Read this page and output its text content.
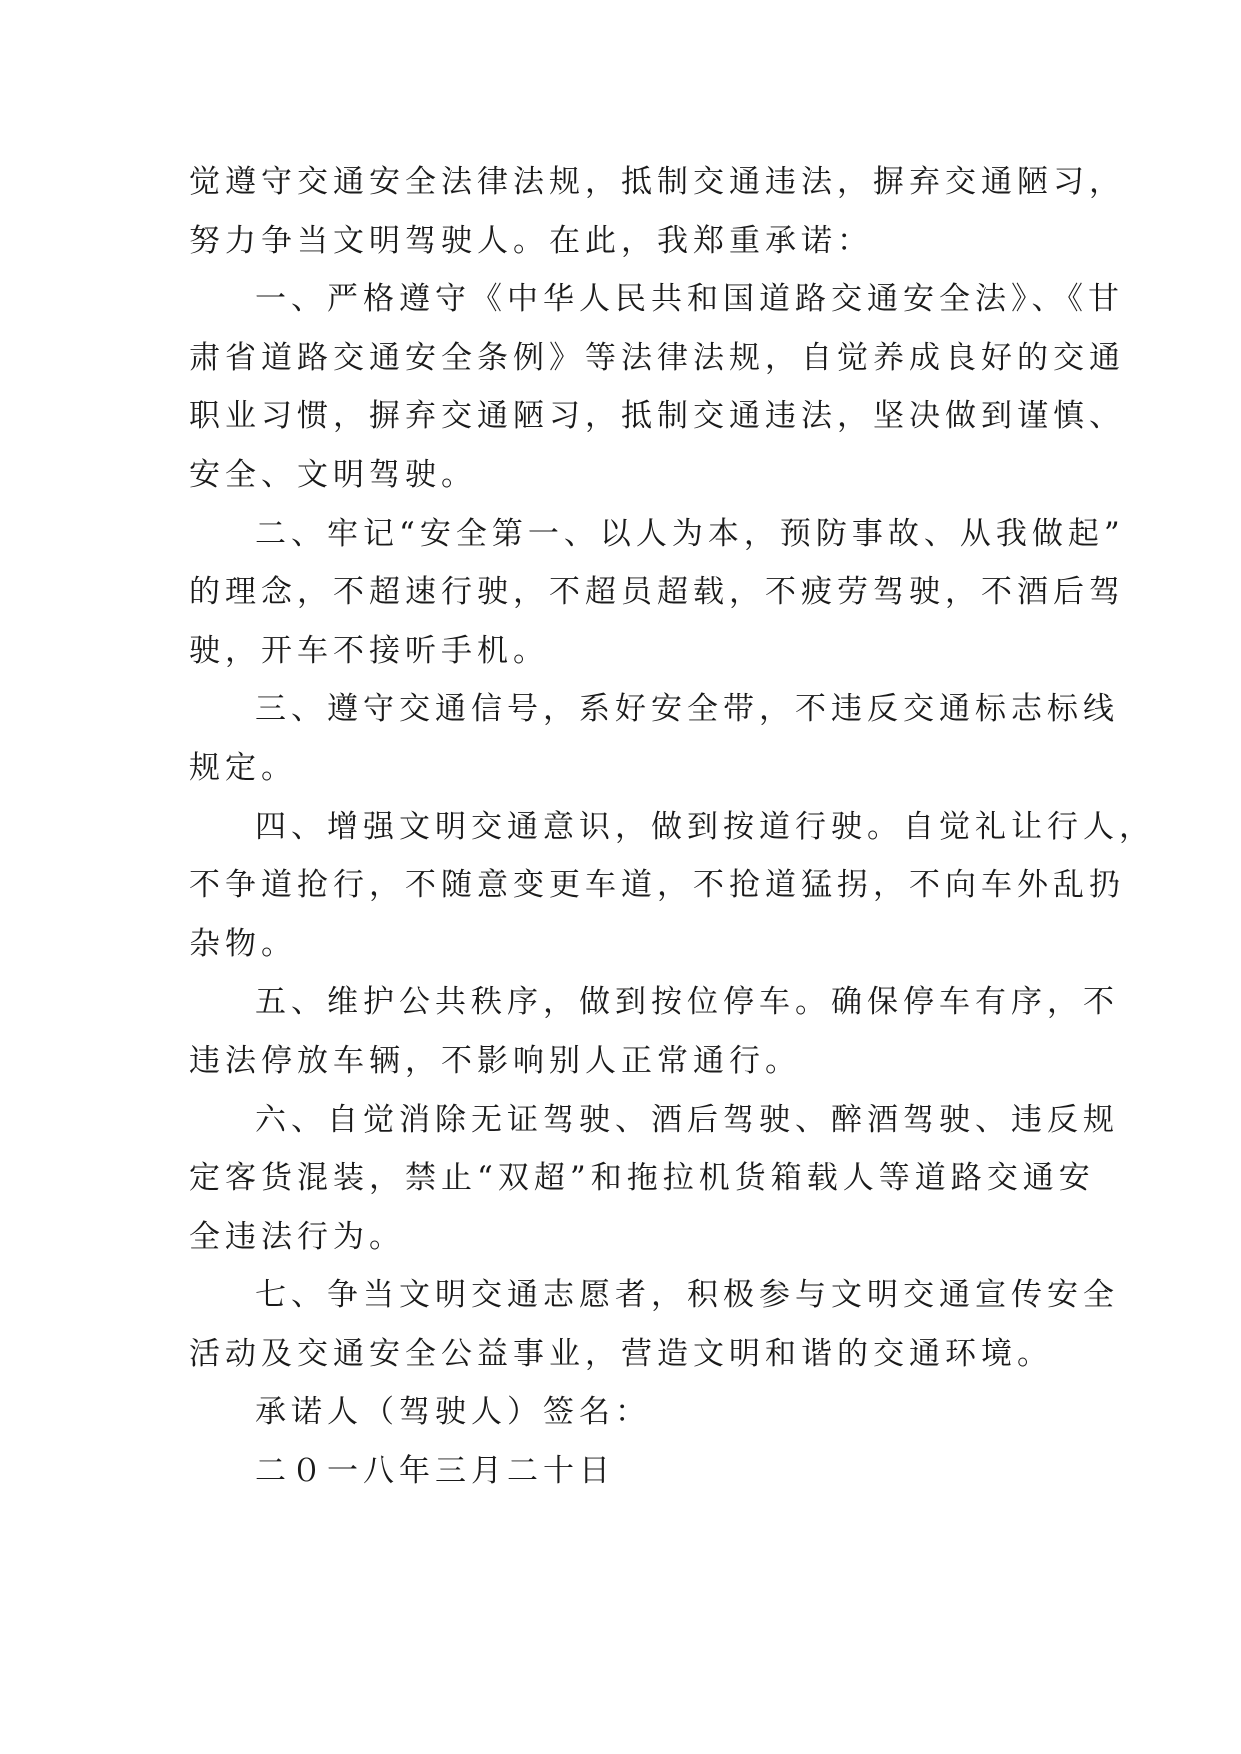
觉遵守交通安全法律法规，抵制交通违法，摒弃交通陋习，
努力争当文明驾驶人。在此，我郑重承诺：
一、严格遵守《中华人民共和国道路交通安全法》、《甘
肃省道路交通安全条例》等法律法规，自觉养成良好的交通
职业习惯，摒弃交通陋习，抵制交通违法，坚决做到谨慎、
安全、文明驾驶。
二、牢记“安全第一、以人为本，预防事故、从我做起”
的理念，不超速行驶，不超员超载，不疲劳驾驶，不酒后驾
驶，开车不接听手机。
三、遵守交通信号，系好安全带，不违反交通标志标线
规定。
四、增强文明交通意识，做到按道行驶。自觉礼让行人，
不争道抢行，不随意变更车道，不抢道猛拐，不向车外乱扔
杂物。
五、维护公共秩序，做到按位停车。确保停车有序，不
违法停放车辆，不影响别人正常通行。
六、自觉消除无证驾驶、酒后驾驶、醉酒驾驶、违反规
定客货混装，禁止“双超”和拖拉机货箱载人等道路交通安
全违法行为。
七、争当文明交通志愿者，积极参与文明交通宣传安全
活动及交通安全公益事业，营造文明和谐的交通环境。
承诺人（驾驶人）签名：
二０一八年三月二十日
